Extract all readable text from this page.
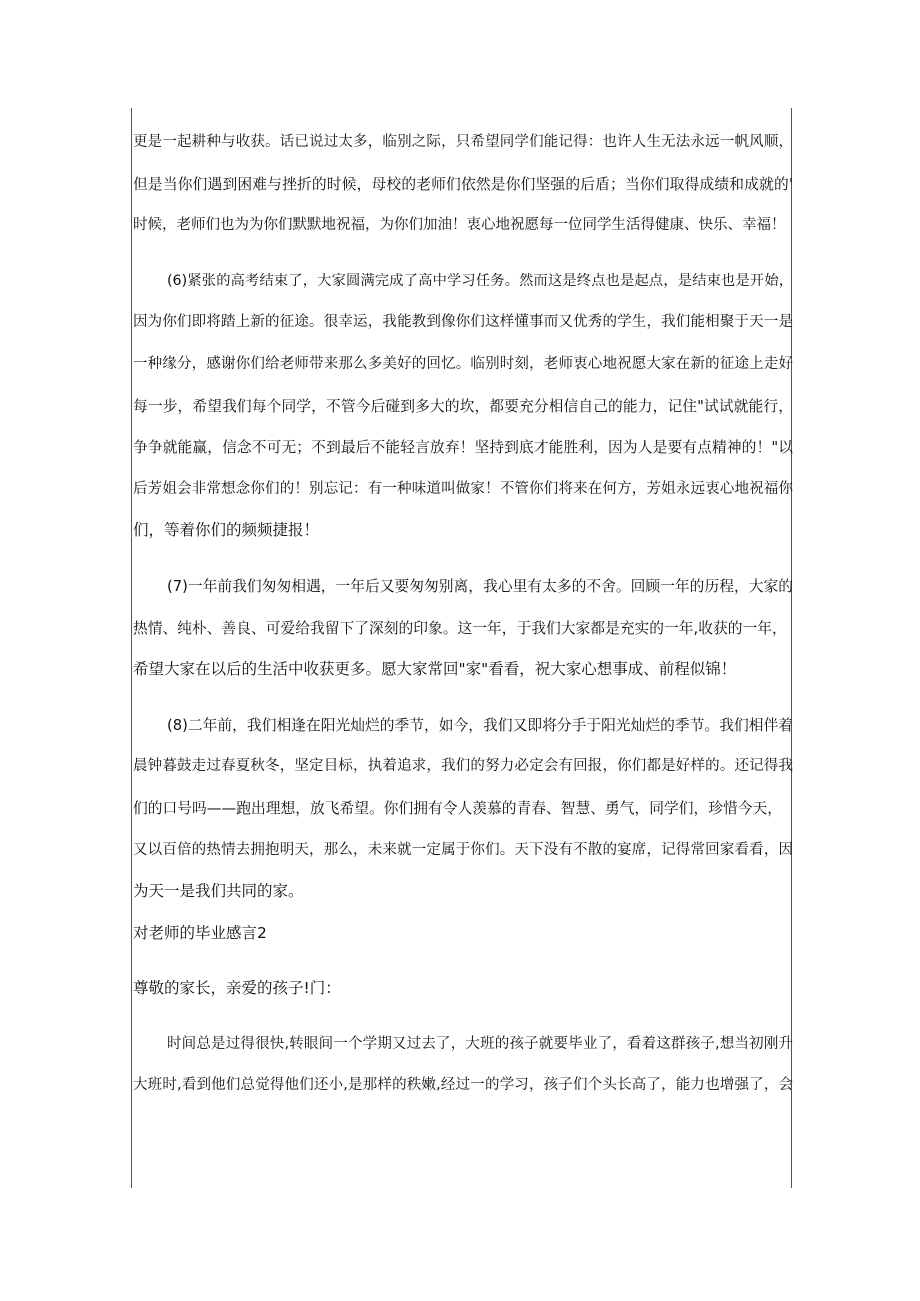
更是一起耕种与收获。话已说过太多，临别之际，只希望同学们能记得：也许人生无法永远一帆风顺，
但是当你们遇到困难与挫折的时候，母校的老师们依然是你们坚强的后盾；当你们取得成绩和成就的'
时候，老师们也为为你们默默地祝福，为你们加油！衷心地祝愿每一位同学生活得健康、快乐、幸福！
(6)紧张的高考结束了，大家圆满完成了高中学习任务。然而这是终点也是起点，是结束也是开始，
因为你们即将踏上新的征途。很幸运，我能教到像你们这样懂事而又优秀的学生，我们能相聚于天一是
一种缘分，感谢你们给老师带来那么多美好的回忆。临别时刻，老师衷心地祝愿大家在新的征途上走好
每一步，希望我们每个同学，不管今后碰到多大的坎，都要充分相信自己的能力，记住"试试就能行，
争争就能赢，信念不可无；不到最后不能轻言放弃！坚持到底才能胜利，因为人是要有点精神的！"以
后芳姐会非常想念你们的！别忘记：有一种味道叫做家！不管你们将来在何方，芳姐永远衷心地祝福你
们，等着你们的频频捷报！
(7)一年前我们匆匆相遇，一年后又要匆匆别离，我心里有太多的不舍。回顾一年的历程，大家的
热情、纯朴、善良、可爱给我留下了深刻的印象。这一年，于我们大家都是充实的一年,收获的一年，
希望大家在以后的生活中收获更多。愿大家常回"家"看看，祝大家心想事成、前程似锦！
(8)二年前，我们相逢在阳光灿烂的季节，如今，我们又即将分手于阳光灿烂的季节。我们相伴着
晨钟暮鼓走过春夏秋冬，坚定目标，执着追求，我们的努力必定会有回报，你们都是好样的。还记得我
们的口号吗——跑出理想，放飞希望。你们拥有令人羡慕的青春、智慧、勇气，同学们，珍惜今天，
又以百倍的热情去拥抱明天，那么，未来就一定属于你们。天下没有不散的宴席，记得常回家看看，因
为天一是我们共同的家。
对老师的毕业感言2
尊敬的家长，亲爱的孩子!门：
时间总是过得很快,转眼间一个学期又过去了，大班的孩子就要毕业了，看着这群孩子,想当初刚升
大班时,看到他们总觉得他们还小,是那样的秩嫩,经过一的学习，孩子们个头长高了，能力也增强了，会
